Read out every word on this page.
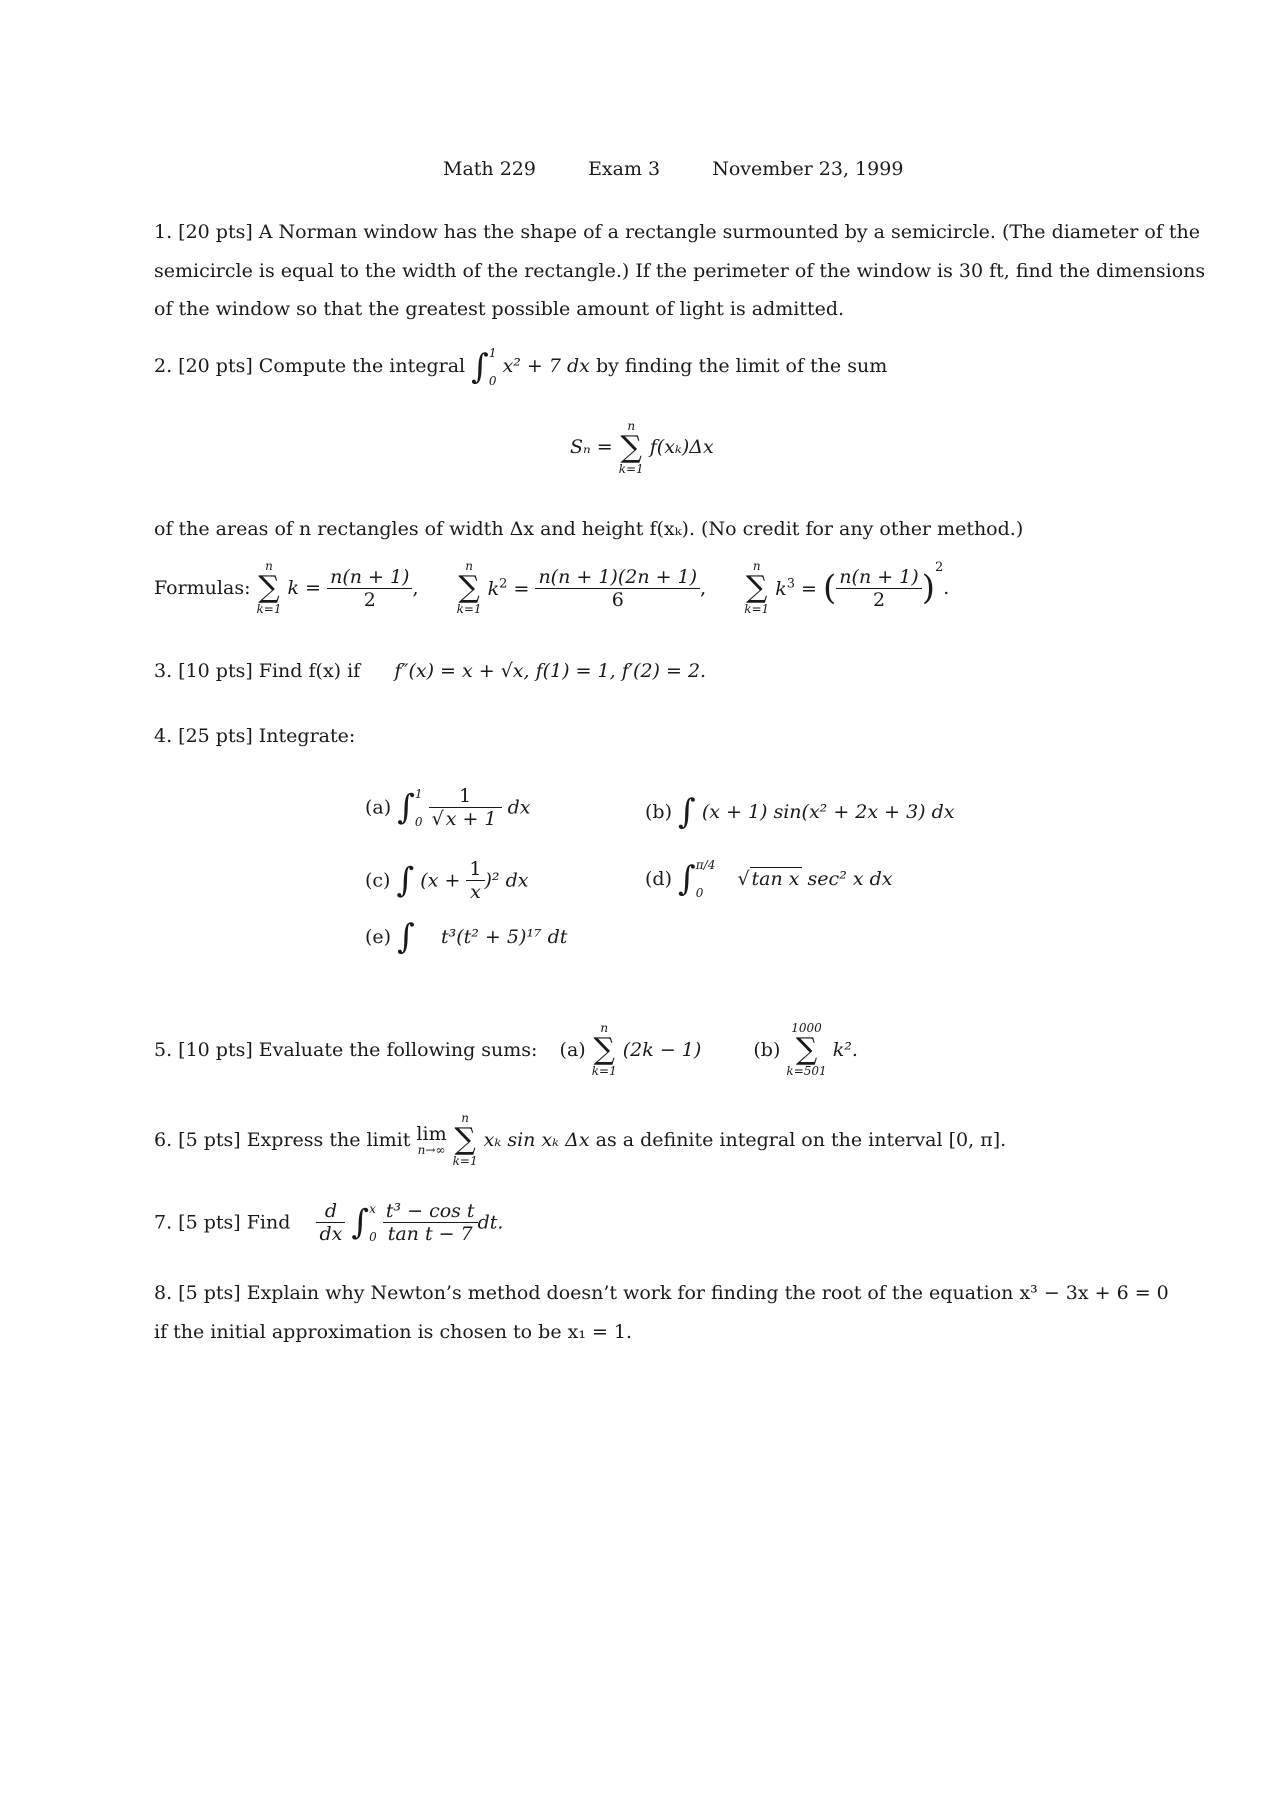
Math 229	Exam 3	November 23, 1999
1. [20 pts] A Norman window has the shape of a rectangle surmounted by a semicircle. (The diameter of the
semicircle is equal to the width of the rectangle.) If the perimeter of the window is 30 ft, find the dimensions
of the window so that the greatest possible amount of light is admitted.
2. [20 pts] Compute the integral ∫1

0 x² + 7 dx by finding the limit of the sum
Sₙ =
n
∑
k=1
f(xₖ)Δx
of the areas of n rectangles of width Δx and height f(xₖ). (No credit for any other method.)
Formulas:
n
∑
k=1
$k = \frac{n(n + 1)}{2}$ ,
n
∑
k=1
$k^2 = \frac{n(n + 1)(2n + 1)}{6}$ ,
n
∑
k=1
$k^3$ = ( $\frac{n(n + 1)}{2} )^2$.
3. [10 pts] Find f(x) if f″(x) = x + √x, f(1) = 1, f′(2) = 2.
4. [25 pts] Integrate:
(a) ∫1

$0 \frac{1}{√ x + 1}$ dx	(b) ∫ (x + 1) sin(x² + 2x + 3) dx
(c) ∫ $(x + \frac{1}{x} )^2$ dx	(d) ∫π/4

0  √ tan x sec² x dx
(e) ∫ t³(t² + 5)¹⁷ dt
5. [10 pts] Evaluate the following sums: (a)
n
∑
k=1
(2k − 1)	(b)
1000
∑
k=501
k².
6. [5 pts] Express the limit lim
n→∞

n
∑
k=1
xₖ sin xₖ Δx as a definite integral on the interval [0, π].
7. [5 pts] Find $\frac{d}{dx} \int x$

$0 \frac{\text{t³ − cos t}}{\text{tan t − 7}}$ dt.
8. [5 pts] Explain why Newton’s method doesn’t work for finding the root of the equation x³ − 3x + 6 = 0
if the initial approximation is chosen to be x₁ = 1.
